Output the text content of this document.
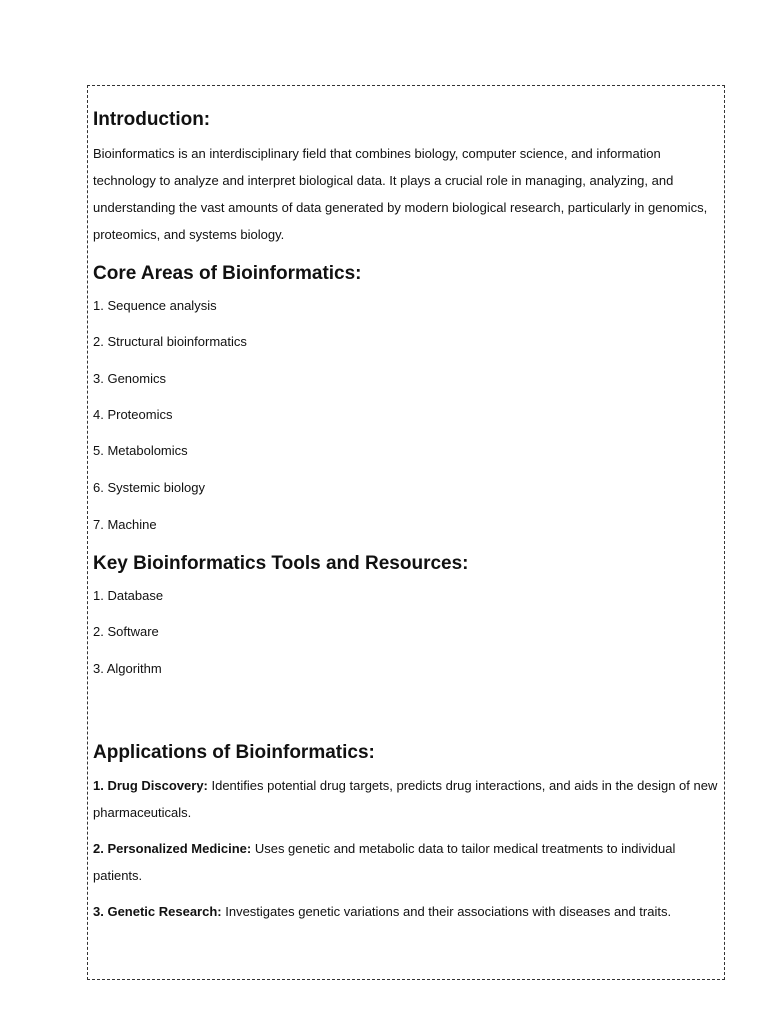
Introduction:

Bioinformatics is an interdisciplinary field that combines biology, computer science, and information technology to analyze and interpret biological data. It plays a crucial role in managing, analyzing, and understanding the vast amounts of data generated by modern biological research, particularly in genomics, proteomics, and systems biology.

Core Areas of Bioinformatics:
1. Sequence analysis
2. Structural bioinformatics
3. Genomics
4. Proteomics
5. Metabolomics
6. Systemic biology
7. Machine
Key Bioinformatics Tools and Resources:
1. Database
2. Software
3. Algorithm
Applications of Bioinformatics:

1. Drug Discovery: Identifies potential drug targets, predicts drug interactions, and aids in the design of new pharmaceuticals.

2. Personalized Medicine: Uses genetic and metabolic data to tailor medical treatments to individual patients.

3. Genetic Research: Investigates genetic variations and their associations with diseases and traits.
